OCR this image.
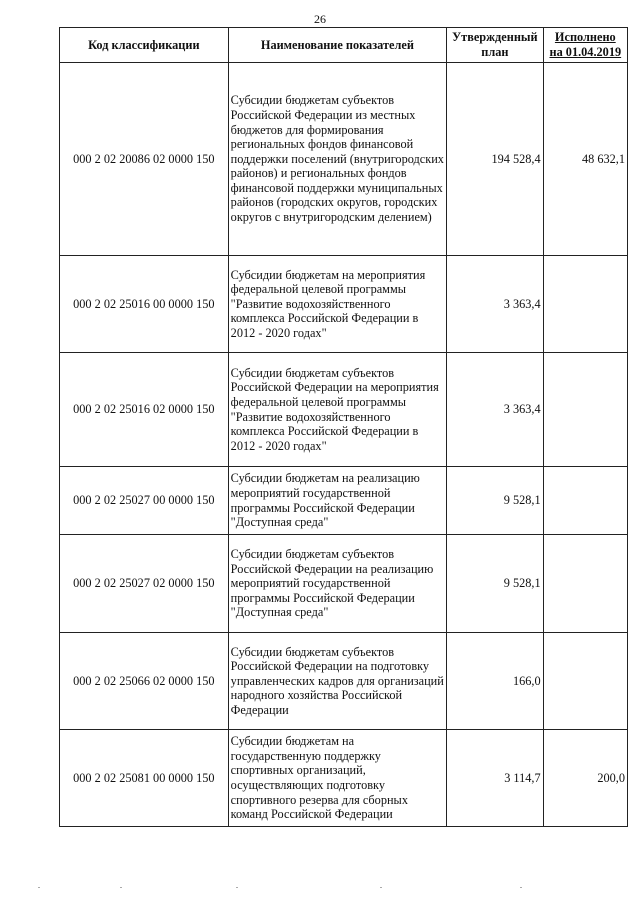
26
Код классификации	Наименование показателей	Утвержденный план	Исполнено
на 01.04.2019
000 2 02 20086 02 0000 150	Субсидии бюджетам субъектов Российской Федерации из местных бюджетов для формирования региональных фондов финансовой поддержки поселений (внутригородских районов) и региональных фондов финансовой поддержки муниципальных районов (городских округов, городских округов с внутригородским делением)	194 528,4	48 632,1
000 2 02 25016 00 0000 150	Субсидии бюджетам на мероприятия федеральной целевой программы "Развитие водохозяйственного комплекса Российской Федерации в 2012 - 2020 годах"	3 363,4	
000 2 02 25016 02 0000 150	Субсидии бюджетам субъектов Российской Федерации на мероприятия федеральной целевой программы "Развитие водохозяйственного комплекса Российской Федерации в 2012 - 2020 годах"	3 363,4	
000 2 02 25027 00 0000 150	Субсидии бюджетам на реализацию мероприятий государственной программы Российской Федерации "Доступная среда"	9 528,1	
000 2 02 25027 02 0000 150	Субсидии бюджетам субъектов Российской Федерации на реализацию мероприятий государственной программы Российской Федерации "Доступная среда"	9 528,1	
000 2 02 25066 02 0000 150	Субсидии бюджетам субъектов Российской Федерации на подготовку управленческих кадров для организаций народного хозяйства Российской Федерации	166,0	
000 2 02 25081 00 0000 150	Субсидии бюджетам на государственную поддержку спортивных организаций, осуществляющих подготовку спортивного резерва для сборных команд Российской Федерации	3 114,7	200,0
